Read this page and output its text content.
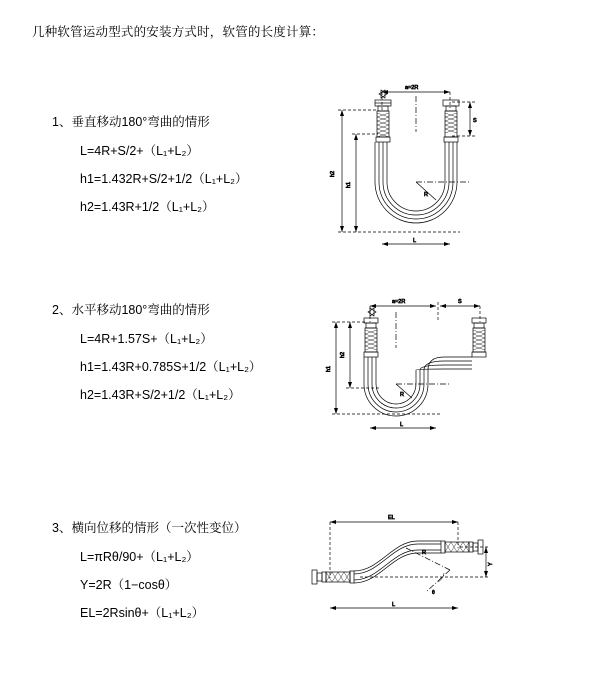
几种软管运动型式的安装方式时，软管的长度计算：
1、垂直移动180°弯曲的情形
L=4R+S/2+（L₁+L₂）
h1=1.432R+S/2+1/2（L₁+L₂）
h2=1.43R+1/2（L₁+L₂）
a=2R
S
h2
h1
R
L
2、水平移动180°弯曲的情形
L=4R+1.57S+（L₁+L₂）
h1=1.43R+0.785S+1/2（L₁+L₂）
h2=1.43R+S/2+1/2（L₁+L₂）
a=2R	S
h1
h2
R
L
3、横向位移的情形（一次性变位）
L=πRθ/90+（L₁+L₂）
Y=2R（1−cosθ）
EL=2Rsinθ+（L₁+L₂）
EL
Y
R
θ
L
